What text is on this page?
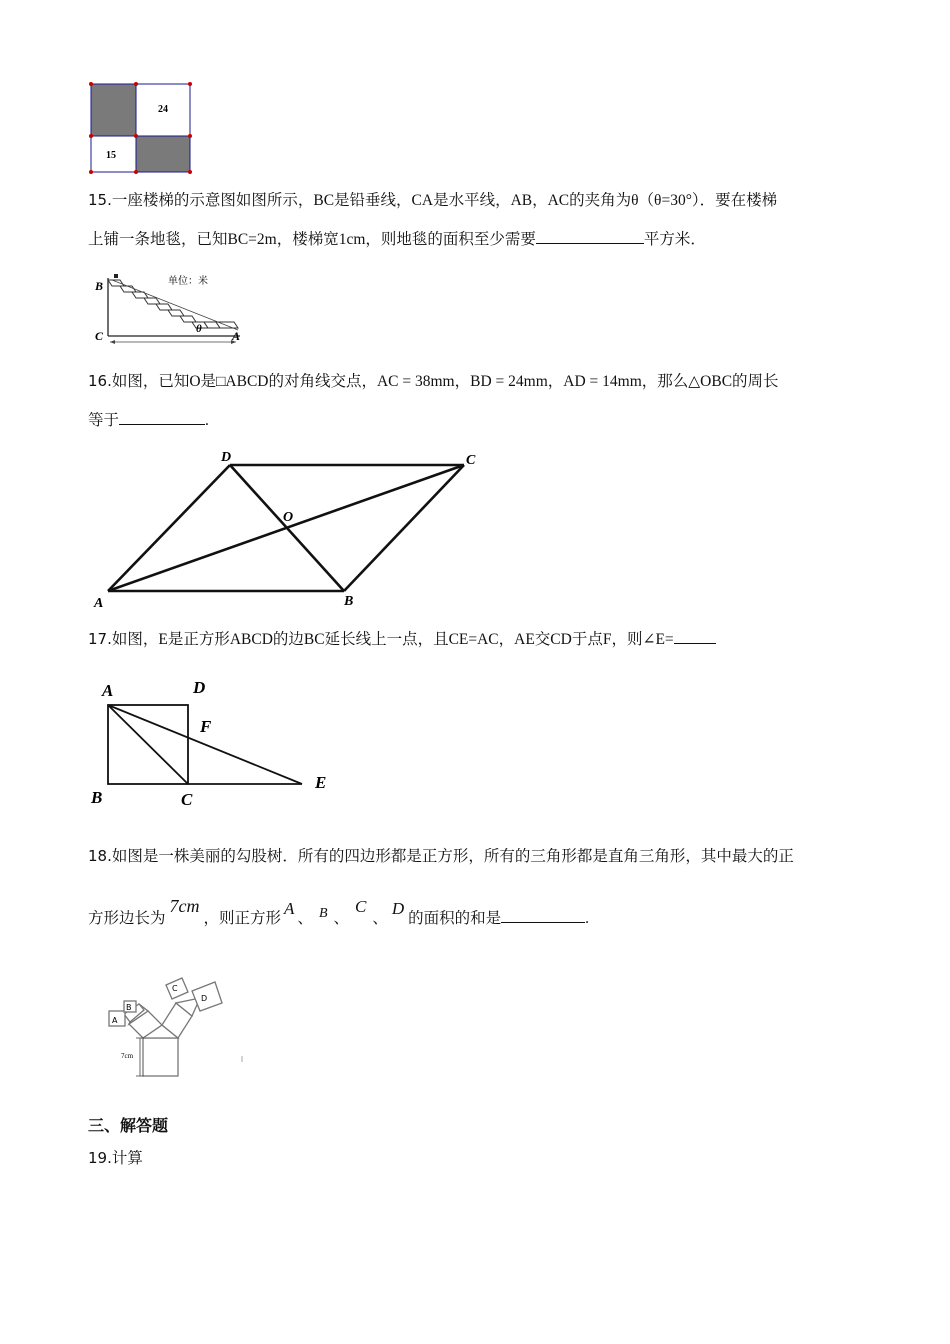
24
15
15.一座楼梯的示意图如图所示，BC是铅垂线，CA是水平线，AB，AC的夹角为θ（θ=30°）．要在楼梯
上铺一条地毯，已知BC=2m，楼梯宽1cm，则地毯的面积至少需要	平方米．
单位：米
B
C	A
θ
16.如图，已知O是□ABCD的对角线交点，AC = 38mm，BD = 24mm，AD = 14mm，那么△OBC的周长
等于	.
D	C
O
A	B
17.如图，E是正方形ABCD的边BC延长线上一点，且CE=AC，AE交CD于点F，则∠E=
A	D
F
B	C
E
18.如图是一株美丽的勾股树．所有的四边形都是正方形，所有的三角形都是直角三角形，其中最大的正
方形边长为7cm，则正方形A、 B 、C、D的面积的和是	.
A
B
C
D
7cm
三、解答题
19.计算
